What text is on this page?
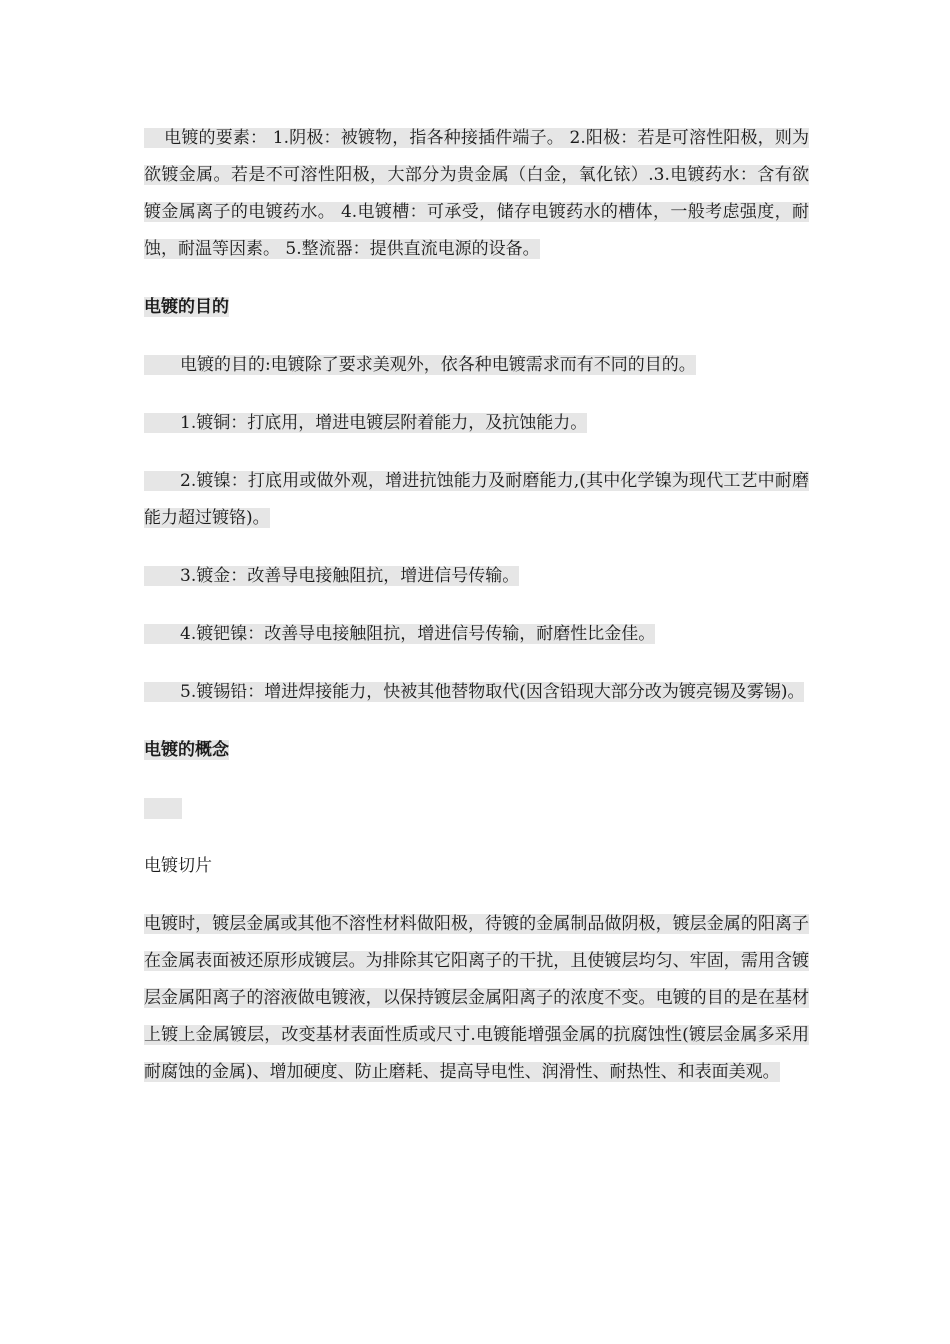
电镀的要素： 1.阴极：被镀物，指各种接插件端子。 2.阳极：若是可溶性阳极，则为欲镀金属。若是不可溶性阳极，大部分为贵金属（白金，氧化铱）.3.电镀药水：含有欲镀金属离子的电镀药水。 4.电镀槽：可承受，储存电镀药水的槽体，一般考虑强度，耐蚀，耐温等因素。 5.整流器：提供直流电源的设备。

电镀的目的

电镀的目的:电镀除了要求美观外，依各种电镀需求而有不同的目的。

1.镀铜：打底用，增进电镀层附着能力，及抗蚀能力。

2.镀镍：打底用或做外观，增进抗蚀能力及耐磨能力,(其中化学镍为现代工艺中耐磨能力超过镀铬)。

3.镀金：改善导电接触阻抗，增进信号传输。

4.镀钯镍：改善导电接触阻抗，增进信号传输，耐磨性比金佳。

5.镀锡铅：增进焊接能力，快被其他替物取代(因含铅现大部分改为镀亮锡及雾锡)。

电镀的概念

电镀切片

电镀时，镀层金属或其他不溶性材料做阳极，待镀的金属制品做阴极，镀层金属的阳离子在金属表面被还原形成镀层。为排除其它阳离子的干扰，且使镀层均匀、牢固，需用含镀层金属阳离子的溶液做电镀液，以保持镀层金属阳离子的浓度不变。电镀的目的是在基材上镀上金属镀层，改变基材表面性质或尺寸.电镀能增强金属的抗腐蚀性(镀层金属多采用耐腐蚀的金属)、增加硬度、防止磨耗、提高导电性、润滑性、耐热性、和表面美观。
